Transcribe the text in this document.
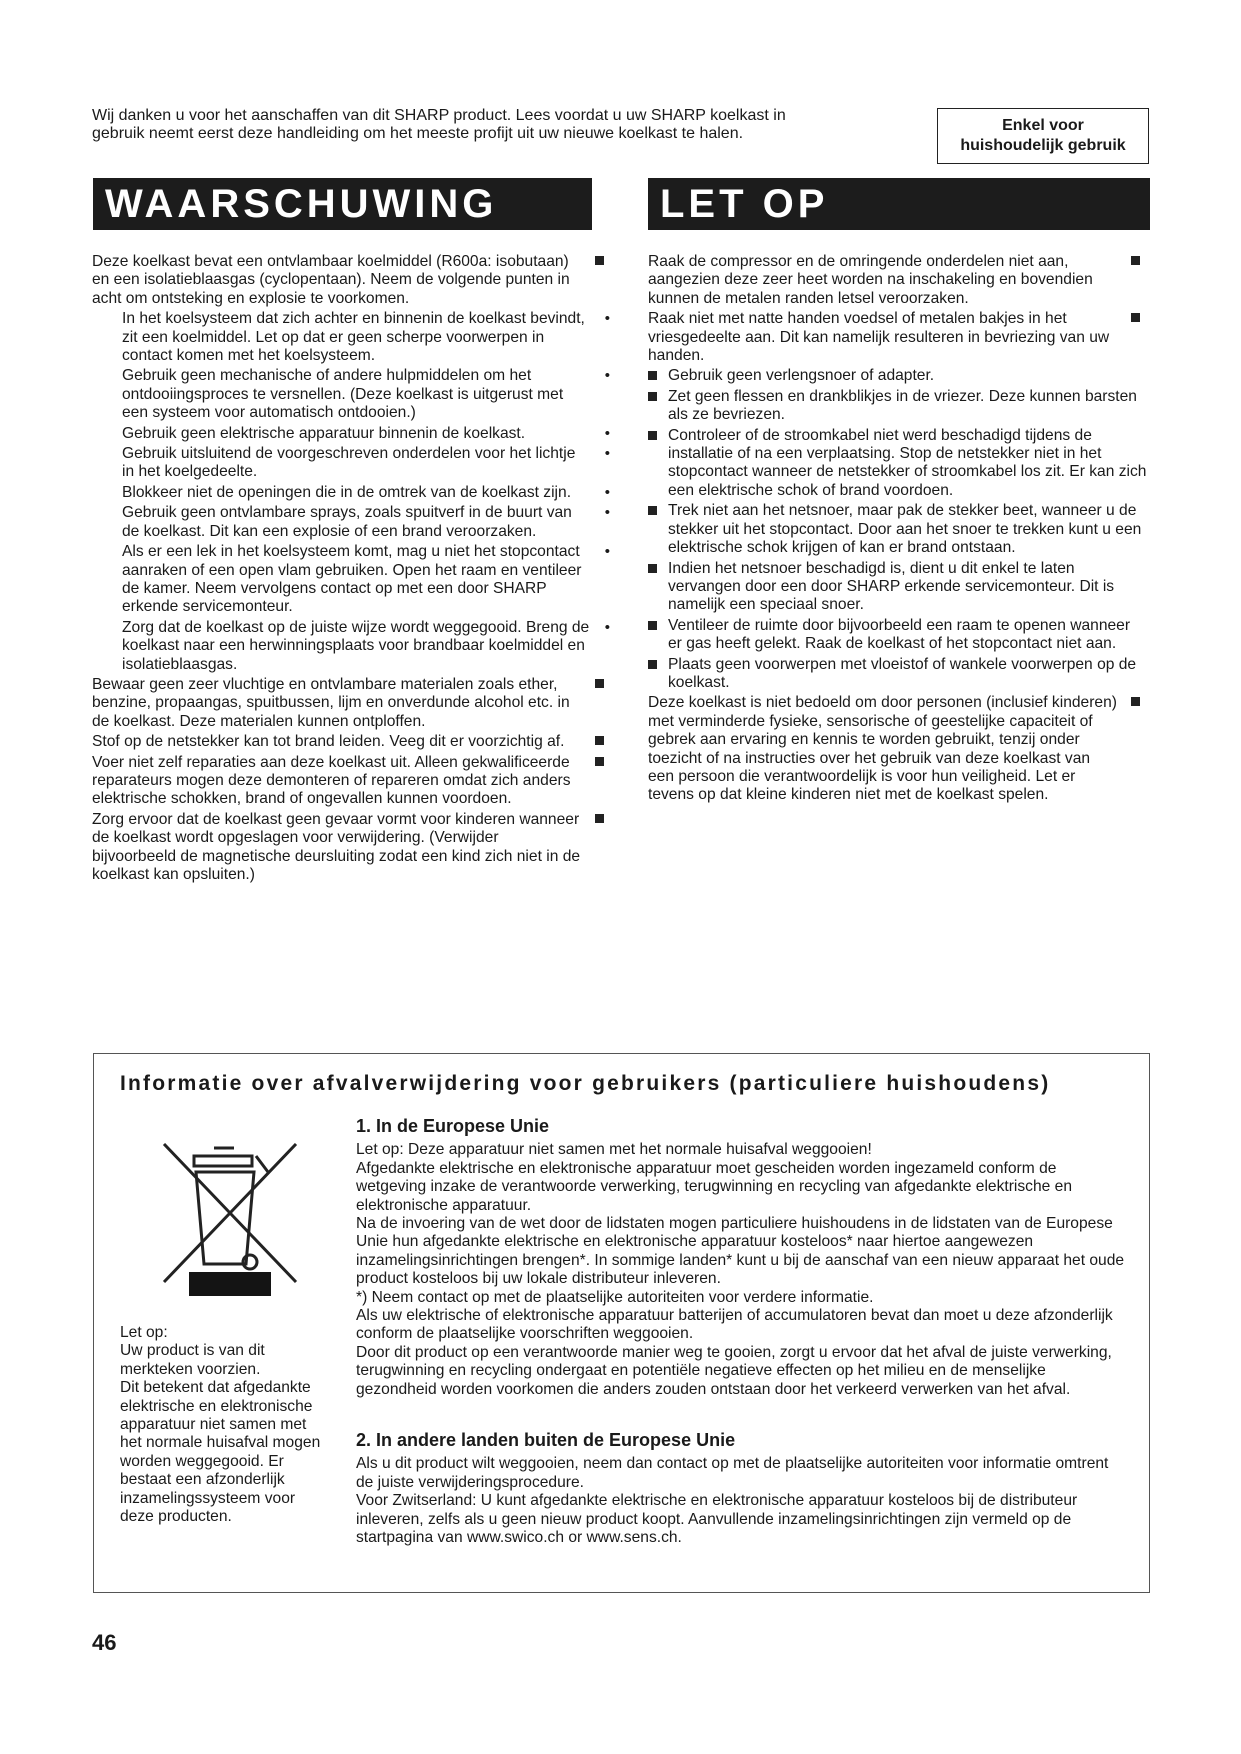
Wij danken u voor het aanschaffen van dit SHARP product. Lees voordat u uw SHARP koelkast in
gebruik neemt eerst deze handleiding om het meeste profijt uit uw nieuwe koelkast te halen.	Enkel voor
huishoudelijk gebruik
WAARSCHUWING	LET OP
Deze koelkast bevat een ontvlambaar koelmiddel (R600a: isobutaan) en een isolatieblaasgas (cyclopentaan). Neem de volgende punten in acht om ontsteking en explosie te voorkomen.
In het koelsysteem dat zich achter en binnenin de koelkast bevindt, zit een koelmiddel. Let op dat er geen scherpe voorwerpen in contact komen met het koelsysteem.
•
Gebruik geen mechanische of andere hulpmiddelen om het ontdooiingsproces te versnellen. (Deze koelkast is uitgerust met een systeem voor automatisch ontdooien.)
•
Gebruik geen elektrische apparatuur binnenin de koelkast.	•
Gebruik uitsluitend de voorgeschreven onderdelen voor het lichtje in het koelgedeelte.
•
Blokkeer niet de openingen die in de omtrek van de koelkast zijn. •
Gebruik geen ontvlambare sprays, zoals spuitverf in de buurt van de koelkast. Dit kan een explosie of een brand veroorzaken.
•
Als er een lek in het koelsysteem komt, mag u niet het stopcontact aanraken of een open vlam gebruiken. Open het raam en ventileer de kamer. Neem vervolgens contact op met een door SHARP erkende servicemonteur.
•
Zorg dat de koelkast op de juiste wijze wordt weggegooid. Breng de koelkast naar een herwinningsplaats voor brandbaar koelmiddel en isolatieblaasgas.
•
Bewaar geen zeer vluchtige en ontvlambare materialen zoals ether, benzine, propaangas, spuitbussen, lijm en onverdunde alcohol etc. in de koelkast. Deze materialen kunnen ontploffen.
Stof op de netstekker kan tot brand leiden. Veeg dit er voorzichtig af.
Voer niet zelf reparaties aan deze koelkast uit. Alleen gekwalificeerde reparateurs mogen deze demonteren of repareren omdat zich anders elektrische schokken, brand of ongevallen kunnen voordoen.
Zorg ervoor dat de koelkast geen gevaar vormt voor kinderen wanneer de koelkast wordt opgeslagen voor verwijdering. (Verwijder bijvoorbeeld de magnetische deursluiting zodat een kind zich niet in de koelkast kan opsluiten.)
Raak de compressor en de omringende onderdelen niet aan, aangezien deze zeer heet worden na inschakeling en bovendien kunnen de metalen randen letsel veroorzaken.
Raak niet met natte handen voedsel of metalen bakjes in het vriesgedeelte aan. Dit kan namelijk resulteren in bevriezing van uw handen.
Gebruik geen verlengsnoer of adapter.
Zet geen flessen en drankblikjes in de vriezer. Deze kunnen barsten als ze bevriezen.
Controleer of de stroomkabel niet werd beschadigd tijdens de installatie of na een verplaatsing. Stop de netstekker niet in het stopcontact wanneer de netstekker of stroomkabel los zit. Er kan zich een elektrische schok of brand voordoen.
Trek niet aan het netsnoer, maar pak de stekker beet, wanneer u de stekker uit het stopcontact. Door aan het snoer te trekken kunt u een elektrische schok krijgen of kan er brand ontstaan.
Indien het netsnoer beschadigd is, dient u dit enkel te laten vervangen door een door SHARP erkende servicemonteur. Dit is namelijk een speciaal snoer.
Ventileer de ruimte door bijvoorbeeld een raam te openen wanneer er gas heeft gelekt. Raak de koelkast of het stopcontact niet aan.
Plaats geen voorwerpen met vloeistof of wankele voorwerpen op de koelkast.
Deze koelkast is niet bedoeld om door personen (inclusief kinderen) met verminderde fysieke, sensorische of geestelijke capaciteit of gebrek aan ervaring en kennis te worden gebruikt, tenzij onder toezicht of na instructies over het gebruik van deze koelkast van een persoon die verantwoordelijk is voor hun veiligheid. Let er tevens op dat kleine kinderen niet met de koelkast spelen.
Informatie over afvalverwijdering voor gebruikers (particuliere huishoudens)
Let op:
Uw product is van dit merkteken voorzien.
Dit betekent dat afgedankte elektrische en elektronische apparatuur niet samen met het normale huisafval mogen worden weggegooid. Er bestaat een afzonderlijk inzamelingssysteem voor deze producten.
1. In de Europese Unie
Let op: Deze apparatuur niet samen met het normale huisafval weggooien!
Afgedankte elektrische en elektronische apparatuur moet gescheiden worden ingezameld conform de wetgeving inzake de verantwoorde verwerking, terugwinning en recycling van afgedankte elektrische en elektronische apparatuur.
Na de invoering van de wet door de lidstaten mogen particuliere huishoudens in de lidstaten van de Europese Unie hun afgedankte elektrische en elektronische apparatuur kosteloos* naar hiertoe aangewezen inzamelingsinrichtingen brengen*. In sommige landen* kunt u bij de aanschaf van een nieuw apparaat het oude product kosteloos bij uw lokale distributeur inleveren.
*) Neem contact op met de plaatselijke autoriteiten voor verdere informatie.
Als uw elektrische of elektronische apparatuur batterijen of accumulatoren bevat dan moet u deze afzonderlijk conform de plaatselijke voorschriften weggooien.
Door dit product op een verantwoorde manier weg te gooien, zorgt u ervoor dat het afval de juiste verwerking, terugwinning en recycling ondergaat en potentiële negatieve effecten op het milieu en de menselijke gezondheid worden voorkomen die anders zouden ontstaan door het verkeerd verwerken van het afval.
2. In andere landen buiten de Europese Unie
Als u dit product wilt weggooien, neem dan contact op met de plaatselijke autoriteiten voor informatie omtrent de juiste verwijderingsprocedure.
Voor Zwitserland: U kunt afgedankte elektrische en elektronische apparatuur kosteloos bij de distributeur inleveren, zelfs als u geen nieuw product koopt. Aanvullende inzamelingsinrichtingen zijn vermeld op de startpagina van www.swico.ch or www.sens.ch.
46
